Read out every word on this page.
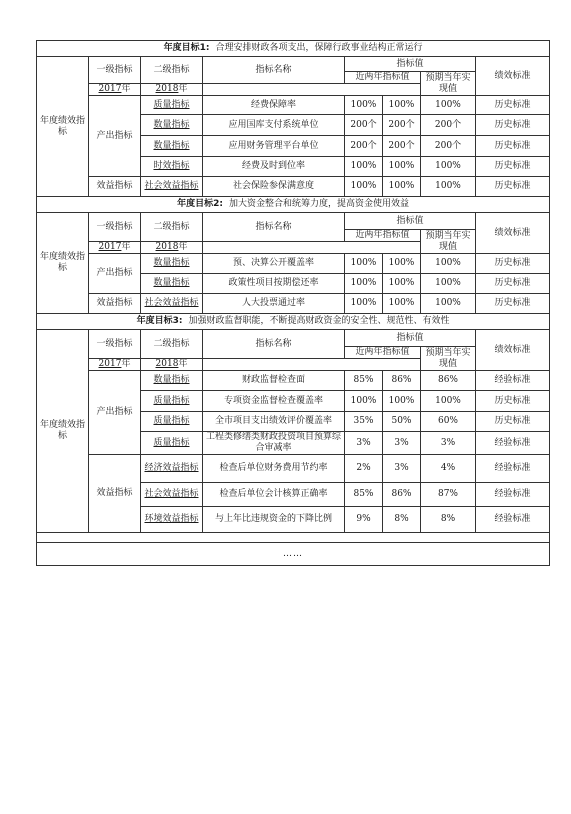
年度目标1: 合理安排财政各项支出，保障行政事业结构正常运行							
年度绩效指标	一级指标	二级指标	指标名称	指标值			绩效标准
				近两年指标值		预期当年实现值	
	2017年	2018年					
	产出指标	质量指标	经费保障率	100%	100%	100%	历史标准
		数量指标	应用国库支付系统单位	200个	200个	200个	历史标准
		数量指标	应用财务管理平台单位	200个	200个	200个	历史标准
		时效指标	经费及时到位率	100%	100%	100%	历史标准
	效益指标	社会效益指标	社会保险参保满意度	100%	100%	100%	历史标准
年度目标2: 加大资金整合和统筹力度，提高资金使用效益							
年度绩效指标	一级指标	二级指标	指标名称	指标值			绩效标准
				近两年指标值		预期当年实现值	
	2017年	2018年					
	产出指标	数量指标	预、决算公开覆盖率	100%	100%	100%	历史标准
		数量指标	政策性项目按期偿还率	100%	100%	100%	历史标准
	效益指标	社会效益指标	人大投票通过率	100%	100%	100%	历史标准
年度目标3: 加强财政监督职能，不断提高财政资金的安全性、规范性、有效性							
年度绩效指标	一级指标	二级指标	指标名称	指标值			绩效标准
				近两年指标值		预期当年实现值	
	2017年	2018年					
	产出指标	数量指标	财政监督检查面	85%	86%	86%	经验标准
		质量指标	专项资金监督检查覆盖率	100%	100%	100%	历史标准
		质量指标	全市项目支出绩效评价覆盖率	35%	50%	60%	历史标准
		质量指标	工程类修缮类财政投资项目预算综合审减率	3%	3%	3%	经验标准
	效益指标	经济效益指标	检查后单位财务费用节约率	2%	3%	4%	经验标准
		社会效益指标	检查后单位会计核算正确率	85%	86%	87%	经验标准
		环境效益指标	与上年比违规资金的下降比例	9%	8%	8%	经验标准

……							
